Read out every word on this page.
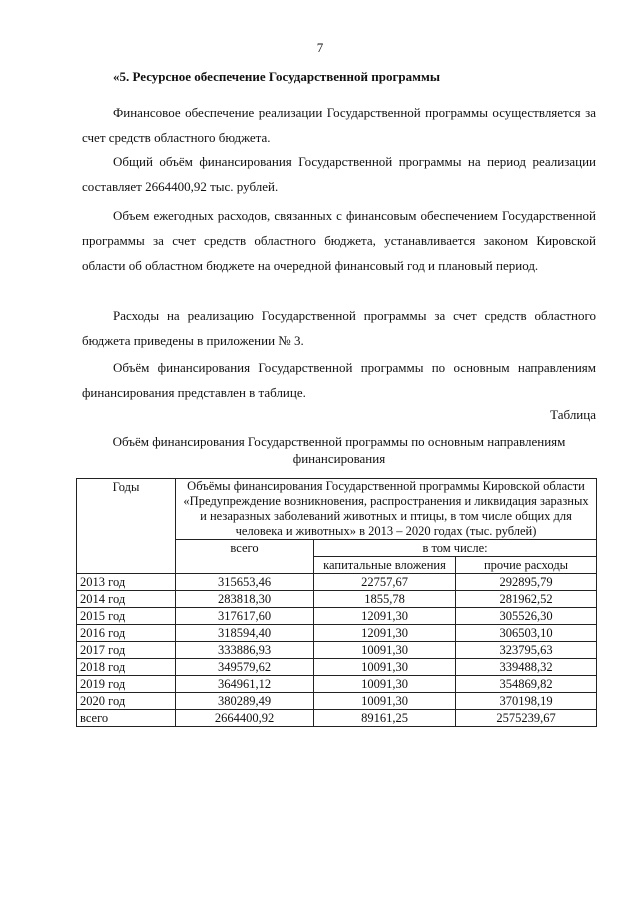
7
«5. Ресурсное обеспечение Государственной программы

Финансовое обеспечение реализации Государственной программы осуществляется за счет средств областного бюджета.

Общий объём финансирования Государственной программы на период реализации составляет 2664400,92 тыс. рублей.

Объем ежегодных расходов, связанных с финансовым обеспечением Государственной программы за счет средств областного бюджета, устанавливается законом Кировской области об областном бюджете на очередной финансовый год и плановый период.

Расходы на реализацию Государственной программы за счет средств областного бюджета приведены в приложении № 3.

Объём финансирования Государственной программы по основным направлениям финансирования представлен в таблице.

Таблица
Объём финансирования Государственной программы по основным направлениям финансирования
Годы	Объёмы финансирования Государственной программы Кировской области «Предупреждение возникновения, распространения и ликвидация заразных и незаразных заболеваний животных и птицы, в том числе общих для человека и животных» в 2013 – 2020 годах (тыс. рублей)		
	всего	в том числе:	
		капитальные вложения	прочие расходы
2013 год	315653,46	22757,67	292895,79
2014 год	283818,30	1855,78	281962,52
2015 год	317617,60	12091,30	305526,30
2016 год	318594,40	12091,30	306503,10
2017 год	333886,93	10091,30	323795,63
2018 год	349579,62	10091,30	339488,32
2019 год	364961,12	10091,30	354869,82
2020 год	380289,49	10091,30	370198,19
всего	2664400,92	89161,25	2575239,67
